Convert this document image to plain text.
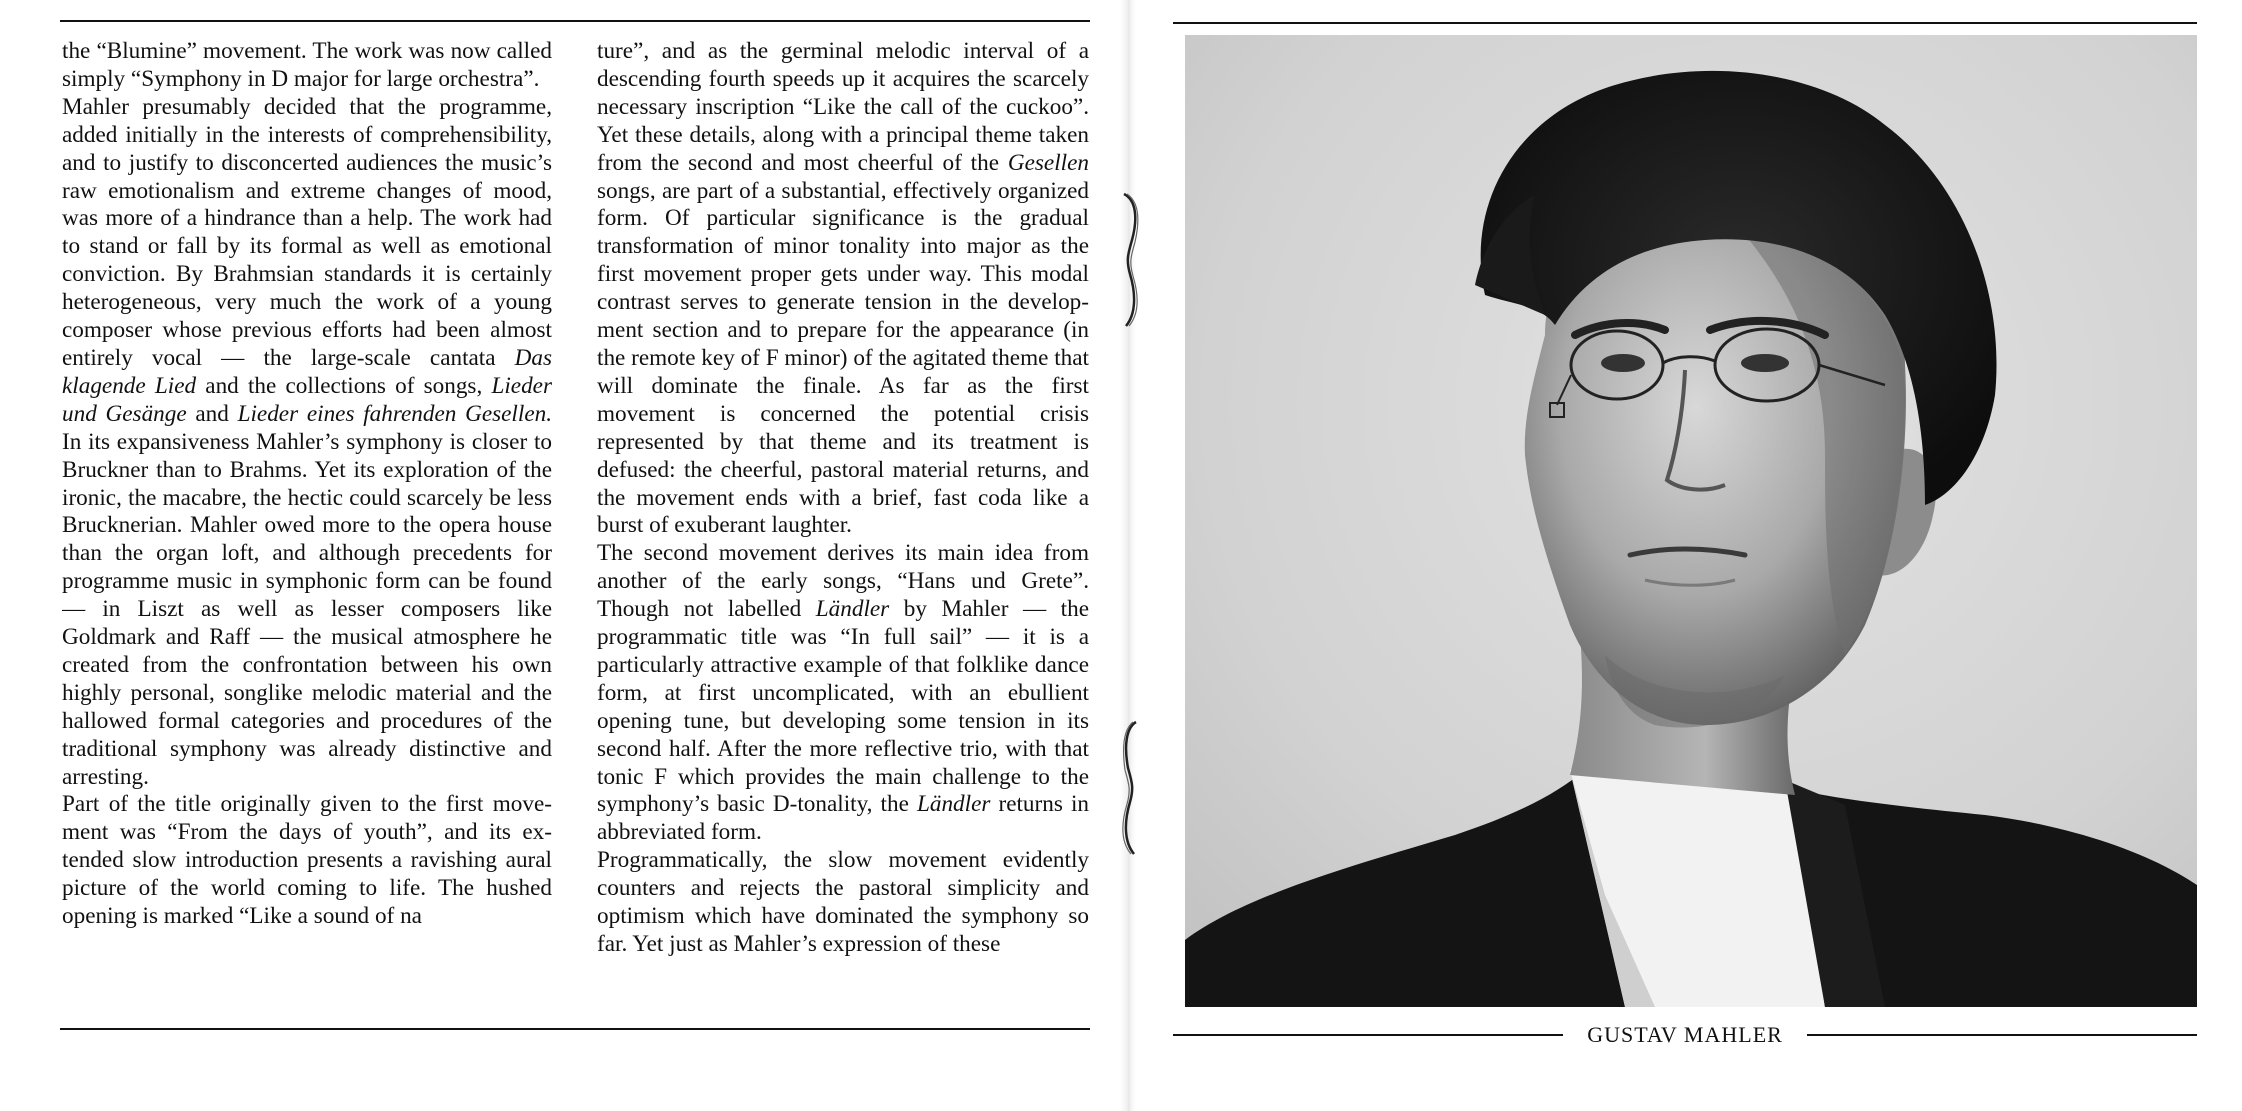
the “Blumine” movement. The work was now called simply “Symphony in D major for large orchestra”.

Mahler presumably decided that the programme, added initially in the interests of comprehensibility, and to justify to disconcerted audiences the music’s raw emotionalism and extreme changes of mood, was more of a hindrance than a help. The work had to stand or fall by its formal as well as emotional conviction. By Brahmsian standards it is certainly heterogeneous, very much the work of a young composer whose previous efforts had been almost entirely vocal — the large-scale cantata Das klagende Lied and the collections of songs, Lieder und Gesänge and Lieder eines fahrenden Gesellen. In its expansiveness Mahler’s symphony is closer to Bruckner than to Brahms. Yet its exploration of the ironic, the macabre, the hectic could scarcely be less Brucknerian. Mahler owed more to the opera house than the organ loft, and although precedents for programme music in symphonic form can be found — in Liszt as well as lesser composers like Goldmark and Raff — the musical atmosphere he created from the confrontation between his own highly personal, songlike melodic material and the hallowed formal categories and procedures of the traditional symphony was already distinctive and arresting.

Part of the title originally given to the first movement was “From the days of youth”, and its extended slow introduction presents a ravishing aural picture of the world coming to life. The hushed opening is marked “Like a sound of na

ture”, and as the germinal melodic interval of a descending fourth speeds up it acquires the scarcely necessary inscription “Like the call of the cuckoo”. Yet these details, along with a principal theme taken from the second and most cheerful of the Gesellen songs, are part of a substantial, effectively organized form. Of particular significance is the gradual transformation of minor tonality into major as the first movement proper gets under way. This modal contrast serves to generate tension in the development section and to prepare for the appearance (in the remote key of F minor) of the agitated theme that will dominate the finale. As far as the first movement is concerned the potential crisis represented by that theme and its treatment is defused: the cheerful, pastoral material returns, and the movement ends with a brief, fast coda like a burst of exuberant laughter.

The second movement derives its main idea from another of the early songs, “Hans und Grete”. Though not labelled Ländler by Mahler — the programmatic title was “In full sail” — it is a particularly attractive example of that folklike dance form, at first uncomplicated, with an ebullient opening tune, but developing some tension in its second half. After the more reflective trio, with that tonic F which provides the main challenge to the symphony’s basic D-tonality, the Ländler returns in abbreviated form.

Programmatically, the slow movement evidently counters and rejects the pastoral simplicity and optimism which have dominated the symphony so far. Yet just as Mahler’s expression of these

GUSTAV MAHLER
